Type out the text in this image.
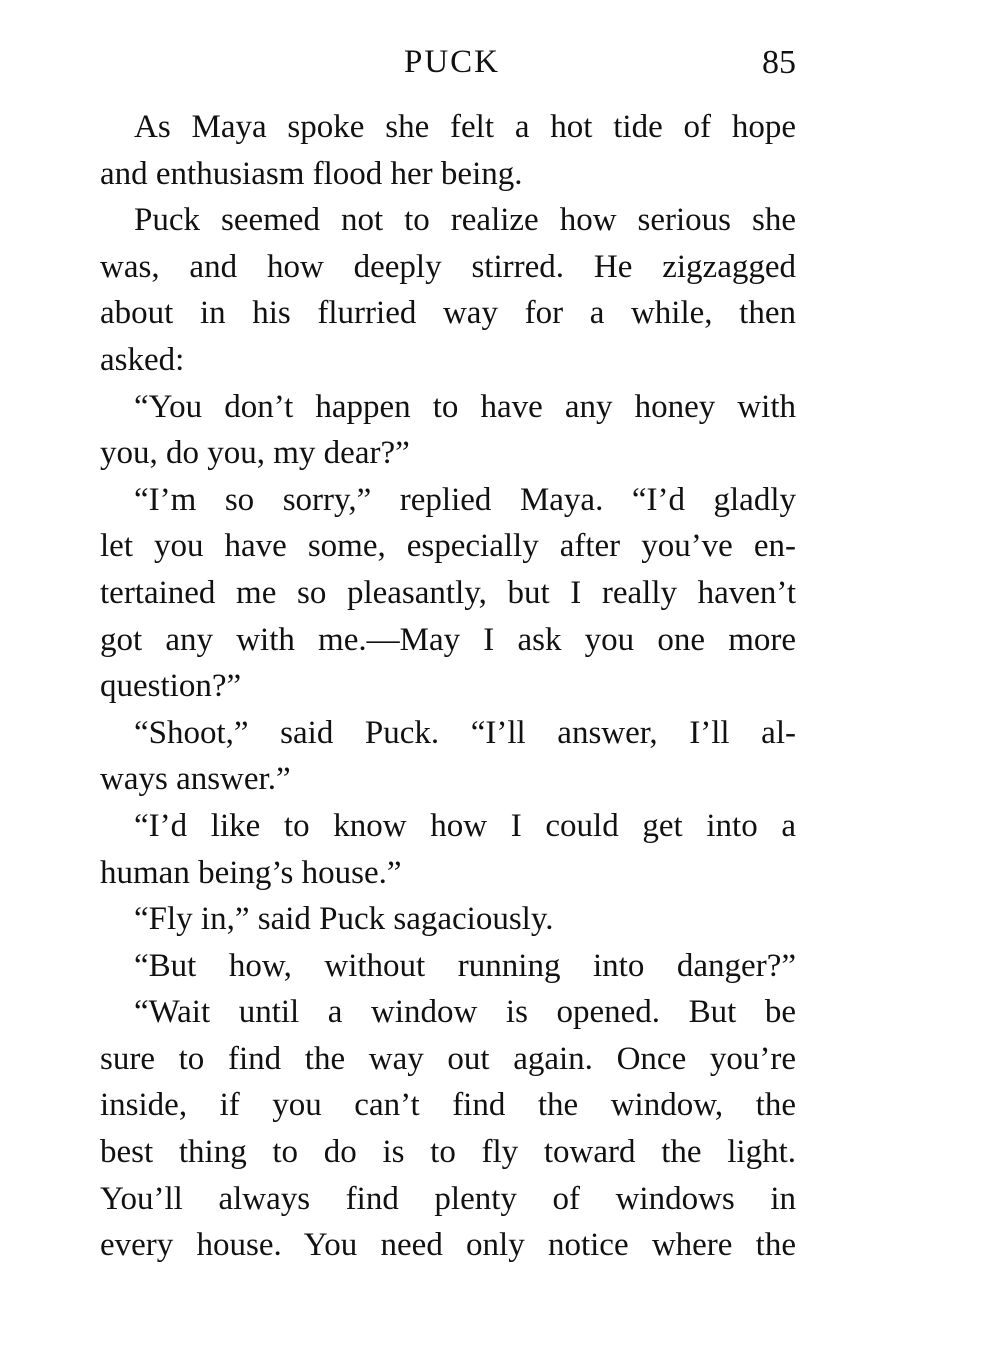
PUCK	85
As Maya spoke she felt a hot tide of hope
and enthusiasm flood her being.
Puck seemed not to realize how serious she
was, and how deeply stirred. He zigzagged
about in his flurried way for a while, then
asked:
“You don’t happen to have any honey with
you, do you, my dear?”
“I’m so sorry,” replied Maya. “I’d gladly
let you have some, especially after you’ve en-
tertained me so pleasantly, but I really haven’t
got any with me.—May I ask you one more
question?”
“Shoot,” said Puck. “I’ll answer, I’ll al-
ways answer.”
“I’d like to know how I could get into a
human being’s house.”
“Fly in,” said Puck sagaciously.
“But how, without running into danger?”
“Wait until a window is opened. But be
sure to find the way out again. Once you’re
inside, if you can’t find the window, the
best thing to do is to fly toward the light.
You’ll always find plenty of windows in
every house. You need only notice where the
